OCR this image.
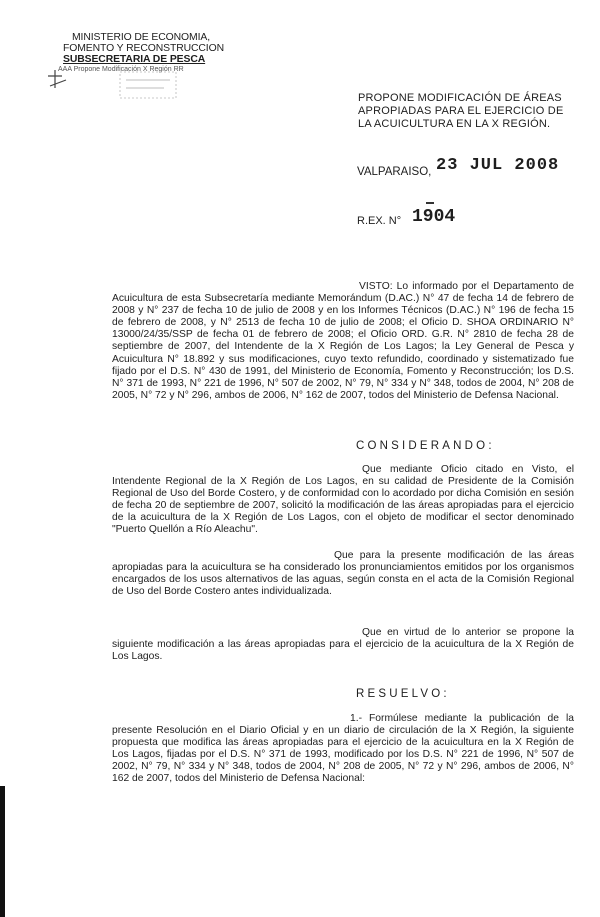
MINISTERIO DE ECONOMIA,
FOMENTO Y RECONSTRUCCION
SUBSECRETARIA DE PESCA
AAA Propone Modificación X Región RR
PROPONE MODIFICACIÓN DE ÁREAS
APROPIADAS PARA EL EJERCICIO DE
LA ACUICULTURA EN LA X REGIÓN.
VALPARAISO, 23 JUL 2008
R.EX. N° 1904

VISTO: Lo informado por el Departamento de Acuicultura de esta Subsecretaría mediante Memorándum (D.AC.) N° 47 de fecha 14 de febrero de 2008 y N° 237 de fecha 10 de julio de 2008 y en los Informes Técnicos (D.AC.) N° 196 de fecha 15 de febrero de 2008, y N° 2513 de fecha 10 de julio de 2008; el Oficio D. SHOA ORDINARIO N° 13000/24/35/SSP de fecha 01 de febrero de 2008; el Oficio ORD. G.R. N° 2810 de fecha 28 de septiembre de 2007, del Intendente de la X Región de Los Lagos; la Ley General de Pesca y Acuicultura N° 18.892 y sus modificaciones, cuyo texto refundido, coordinado y sistematizado fue fijado por el D.S. N° 430 de 1991, del Ministerio de Economía, Fomento y Reconstrucción; los D.S. N° 371 de 1993, N° 221 de 1996, N° 507 de 2002, N° 79, N° 334 y N° 348, todos de 2004, N° 208 de 2005, N° 72 y N° 296, ambos de 2006, N° 162 de 2007, todos del Ministerio de Defensa Nacional.

CONSIDERANDO:

Que mediante Oficio citado en Visto, el Intendente Regional de la X Región de Los Lagos, en su calidad de Presidente de la Comisión Regional de Uso del Borde Costero, y de conformidad con lo acordado por dicha Comisión en sesión de fecha 20 de septiembre de 2007, solicitó la modificación de las áreas apropiadas para el ejercicio de la acuicultura de la X Región de Los Lagos, con el objeto de modificar el sector denominado "Puerto Quellón a Río Aleachu".

Que para la presente modificación de las áreas apropiadas para la acuicultura se ha considerado los pronunciamientos emitidos por los organismos encargados de los usos alternativos de las aguas, según consta en el acta de la Comisión Regional de Uso del Borde Costero antes individualizada.

Que en virtud de lo anterior se propone la siguiente modificación a las áreas apropiadas para el ejercicio de la acuicultura de la X Región de Los Lagos.

RESUELVO:

1.- Formúlese mediante la publicación de la presente Resolución en el Diario Oficial y en un diario de circulación de la X Región, la siguiente propuesta que modifica las áreas apropiadas para el ejercicio de la acuicultura en la X Región de Los Lagos, fijadas por el D.S. N° 371 de 1993, modificado por los D.S. N° 221 de 1996, N° 507 de 2002, N° 79, N° 334 y N° 348, todos de 2004, N° 208 de 2005, N° 72 y N° 296, ambos de 2006, N° 162 de 2007, todos del Ministerio de Defensa Nacional:
